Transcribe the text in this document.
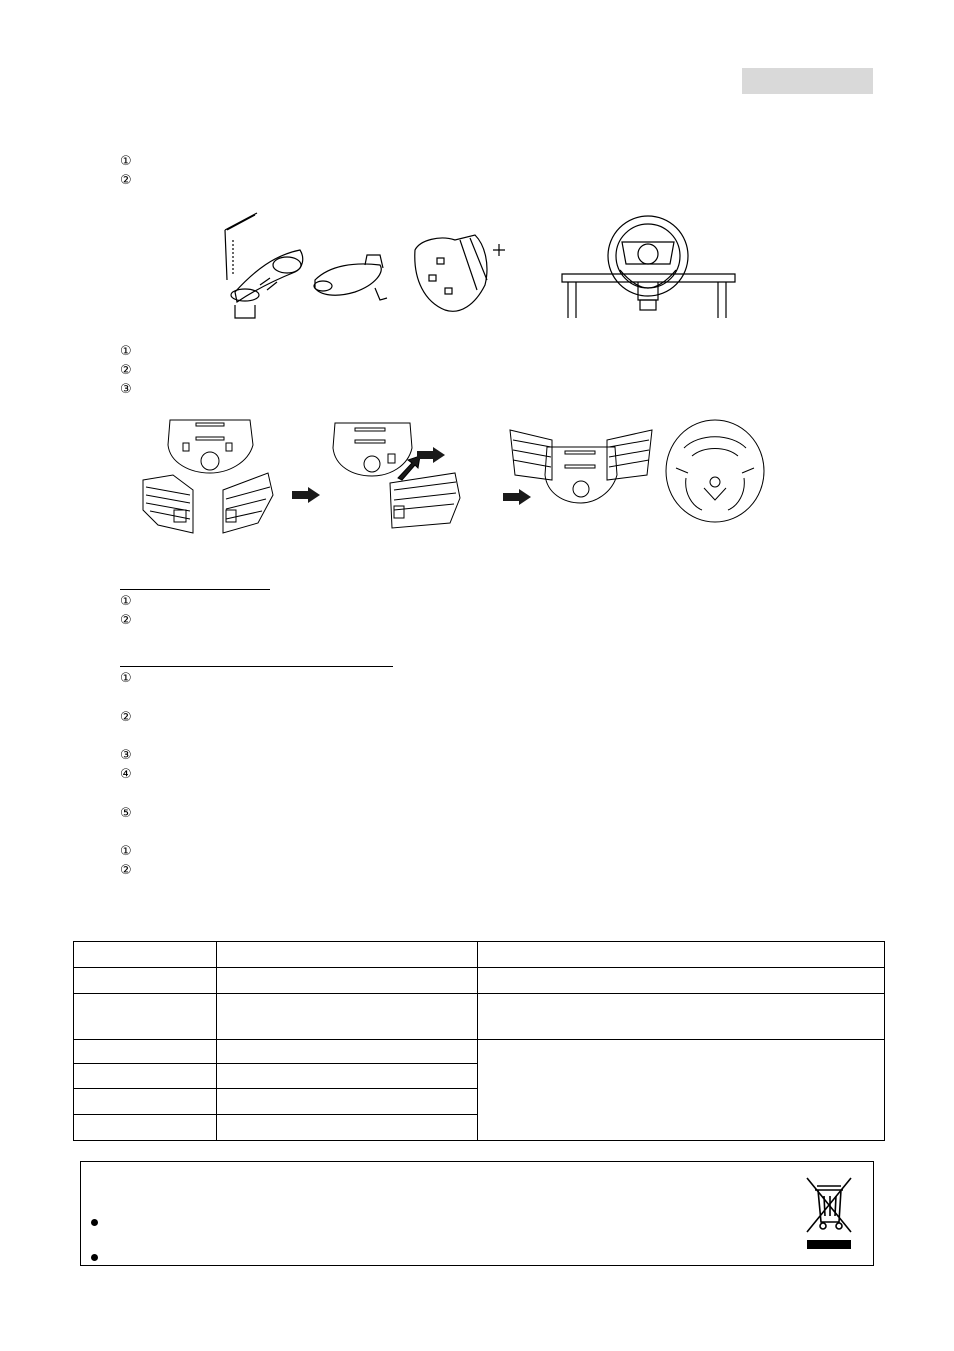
①
②
①
②
③
①
②
①
②
③
④
⑤
①
②
